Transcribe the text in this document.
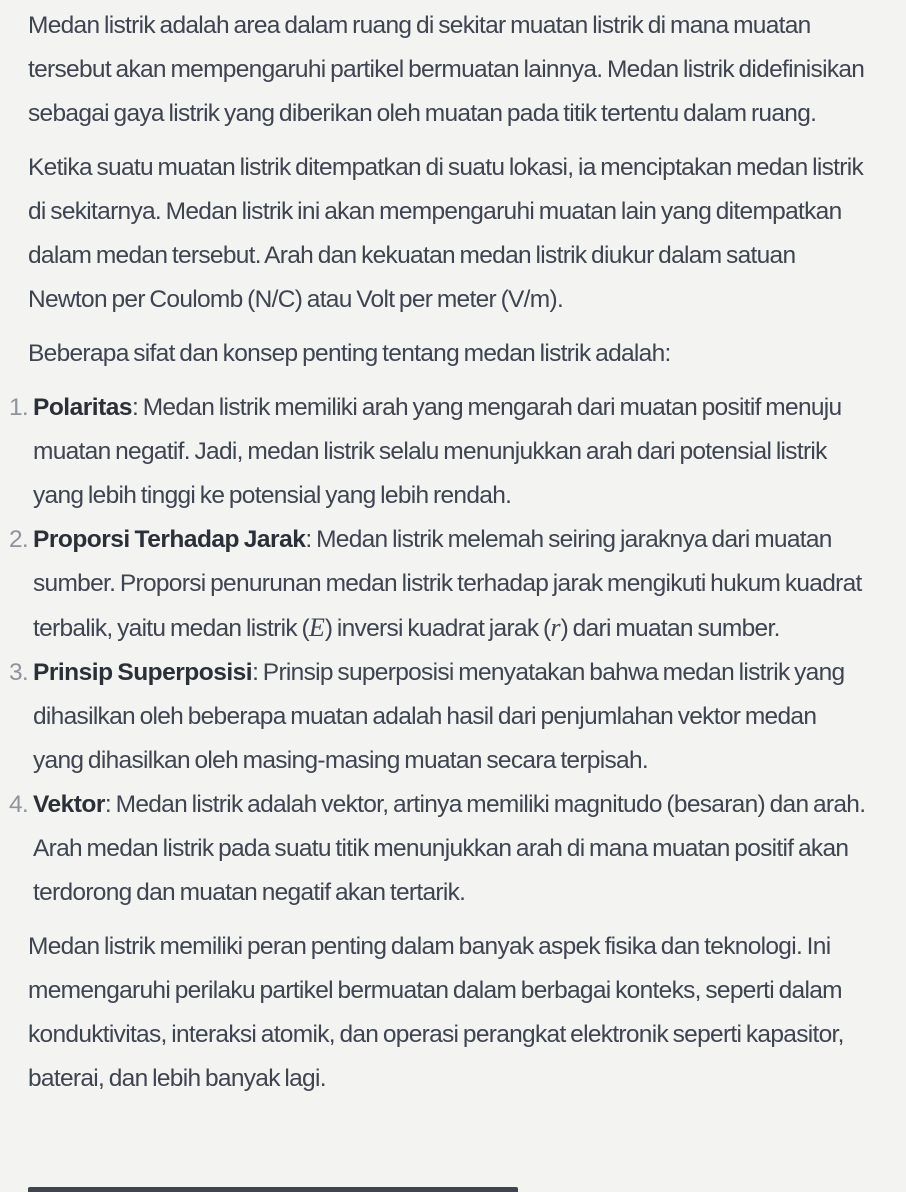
Medan listrik adalah area dalam ruang di sekitar muatan listrik di mana muatan tersebut akan mempengaruhi partikel bermuatan lainnya. Medan listrik didefinisikan sebagai gaya listrik yang diberikan oleh muatan pada titik tertentu dalam ruang.

Ketika suatu muatan listrik ditempatkan di suatu lokasi, ia menciptakan medan listrik di sekitarnya. Medan listrik ini akan mempengaruhi muatan lain yang ditempatkan dalam medan tersebut. Arah dan kekuatan medan listrik diukur dalam satuan Newton per Coulomb (N/C) atau Volt per meter (V/m).

Beberapa sifat dan konsep penting tentang medan listrik adalah:

1. Polaritas: Medan listrik memiliki arah yang mengarah dari muatan positif menuju muatan negatif. Jadi, medan listrik selalu menunjukkan arah dari potensial listrik yang lebih tinggi ke potensial yang lebih rendah.
2. Proporsi Terhadap Jarak: Medan listrik melemah seiring jaraknya dari muatan sumber. Proporsi penurunan medan listrik terhadap jarak mengikuti hukum kuadrat terbalik, yaitu medan listrik (E) inversi kuadrat jarak (r) dari muatan sumber.
3. Prinsip Superposisi: Prinsip superposisi menyatakan bahwa medan listrik yang dihasilkan oleh beberapa muatan adalah hasil dari penjumlahan vektor medan yang dihasilkan oleh masing-masing muatan secara terpisah.
4. Vektor: Medan listrik adalah vektor, artinya memiliki magnitudo (besaran) dan arah. Arah medan listrik pada suatu titik menunjukkan arah di mana muatan positif akan terdorong dan muatan negatif akan tertarik.

Medan listrik memiliki peran penting dalam banyak aspek fisika dan teknologi. Ini memengaruhi perilaku partikel bermuatan dalam berbagai konteks, seperti dalam konduktivitas, interaksi atomik, dan operasi perangkat elektronik seperti kapasitor, baterai, dan lebih banyak lagi.
